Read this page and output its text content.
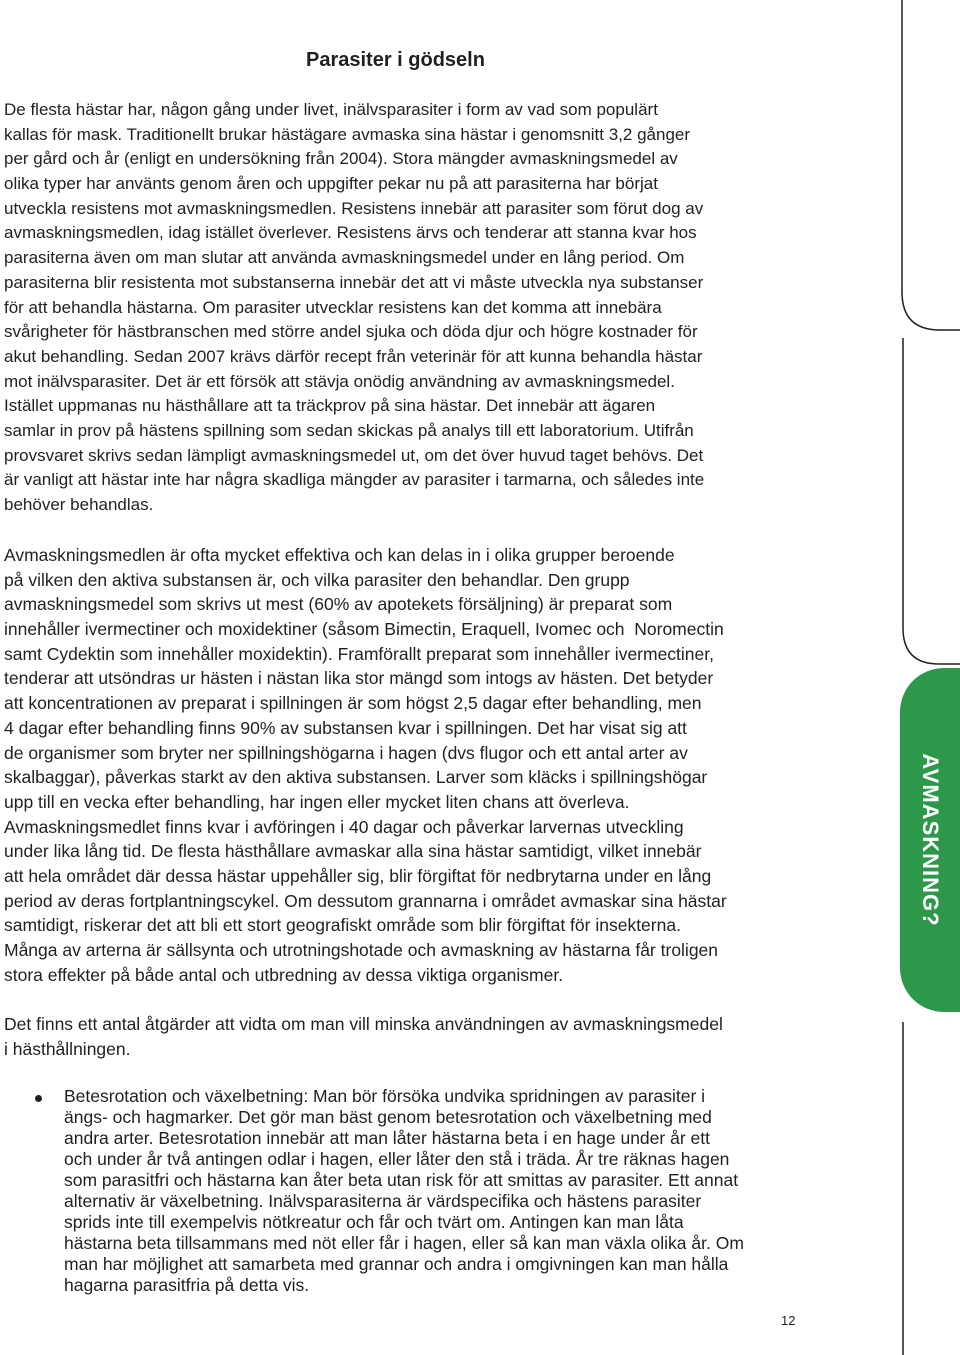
Parasiter i gödseln
De flesta hästar har, någon gång under livet, inälvsparasiter i form av vad som populärt
kallas för mask. Traditionellt brukar hästägare avmaska sina hästar i genomsnitt 3,2 gånger
per gård och år (enligt en undersökning från 2004). Stora mängder avmaskningsmedel av
olika typer har använts genom åren och uppgifter pekar nu på att parasiterna har börjat
utveckla resistens mot avmaskningsmedlen. Resistens innebär att parasiter som förut dog av
avmaskningsmedlen, idag istället överlever. Resistens ärvs och tenderar att stanna kvar hos
parasiterna även om man slutar att använda avmaskningsmedel under en lång period. Om
parasiterna blir resistenta mot substanserna innebär det att vi måste utveckla nya substanser
för att behandla hästarna. Om parasiter utvecklar resistens kan det komma att innebära
svårigheter för hästbranschen med större andel sjuka och döda djur och högre kostnader för
akut behandling. Sedan 2007 krävs därför recept från veterinär för att kunna behandla hästar
mot inälvsparasiter. Det är ett försök att stävja onödig användning av avmaskningsmedel.
Istället uppmanas nu hästhållare att ta träckprov på sina hästar. Det innebär att ägaren
samlar in prov på hästens spillning som sedan skickas på analys till ett laboratorium. Utifrån
provsvaret skrivs sedan lämpligt avmaskningsmedel ut, om det över huvud taget behövs. Det
är vanligt att hästar inte har några skadliga mängder av parasiter i tarmarna, och således inte
behöver behandlas.
Avmaskningsmedlen är ofta mycket effektiva och kan delas in i olika grupper beroende
på vilken den aktiva substansen är, och vilka parasiter den behandlar. Den grupp
avmaskningsmedel som skrivs ut mest (60% av apotekets försäljning) är preparat som
innehåller ivermectiner och moxidektiner (såsom Bimectin, Eraquell, Ivomec och  Noromectin
samt Cydektin som innehåller moxidektin). Framförallt preparat som innehåller ivermectiner,
tenderar att utsöndras ur hästen i nästan lika stor mängd som intogs av hästen. Det betyder
att koncentrationen av preparat i spillningen är som högst 2,5 dagar efter behandling, men
4 dagar efter behandling finns 90% av substansen kvar i spillningen. Det har visat sig att
de organismer som bryter ner spillningshögarna i hagen (dvs flugor och ett antal arter av
skalbaggar), påverkas starkt av den aktiva substansen. Larver som kläcks i spillningshögar
upp till en vecka efter behandling, har ingen eller mycket liten chans att överleva.
Avmaskningsmedlet finns kvar i avföringen i 40 dagar och påverkar larvernas utveckling
under lika lång tid. De flesta hästhållare avmaskar alla sina hästar samtidigt, vilket innebär
att hela området där dessa hästar uppehåller sig, blir förgiftat för nedbrytarna under en lång
period av deras fortplantningscykel. Om dessutom grannarna i området avmaskar sina hästar
samtidigt, riskerar det att bli ett stort geografiskt område som blir förgiftat för insekterna.
Många av arterna är sällsynta och utrotningshotade och avmaskning av hästarna får troligen
stora effekter på både antal och utbredning av dessa viktiga organismer.
Det finns ett antal åtgärder att vidta om man vill minska användningen av avmaskningsmedel
i hästhållningen.
Betesrotation och växelbetning: Man bör försöka undvika spridningen av parasiter i
ängs- och hagmarker. Det gör man bäst genom betesrotation och växelbetning med
andra arter. Betesrotation innebär att man låter hästarna beta i en hage under år ett
och under år två antingen odlar i hagen, eller låter den stå i träda. År tre räknas hagen
som parasitfri och hästarna kan åter beta utan risk för att smittas av parasiter. Ett annat
alternativ är växelbetning. Inälvsparasiterna är värdspecifika och hästens parasiter
sprids inte till exempelvis nötkreatur och får och tvärt om. Antingen kan man låta
hästarna beta tillsammans med nöt eller får i hagen, eller så kan man växla olika år. Om
man har möjlighet att samarbeta med grannar och andra i omgivningen kan man hålla
hagarna parasitfria på detta vis.
12
AVMASKNING?
